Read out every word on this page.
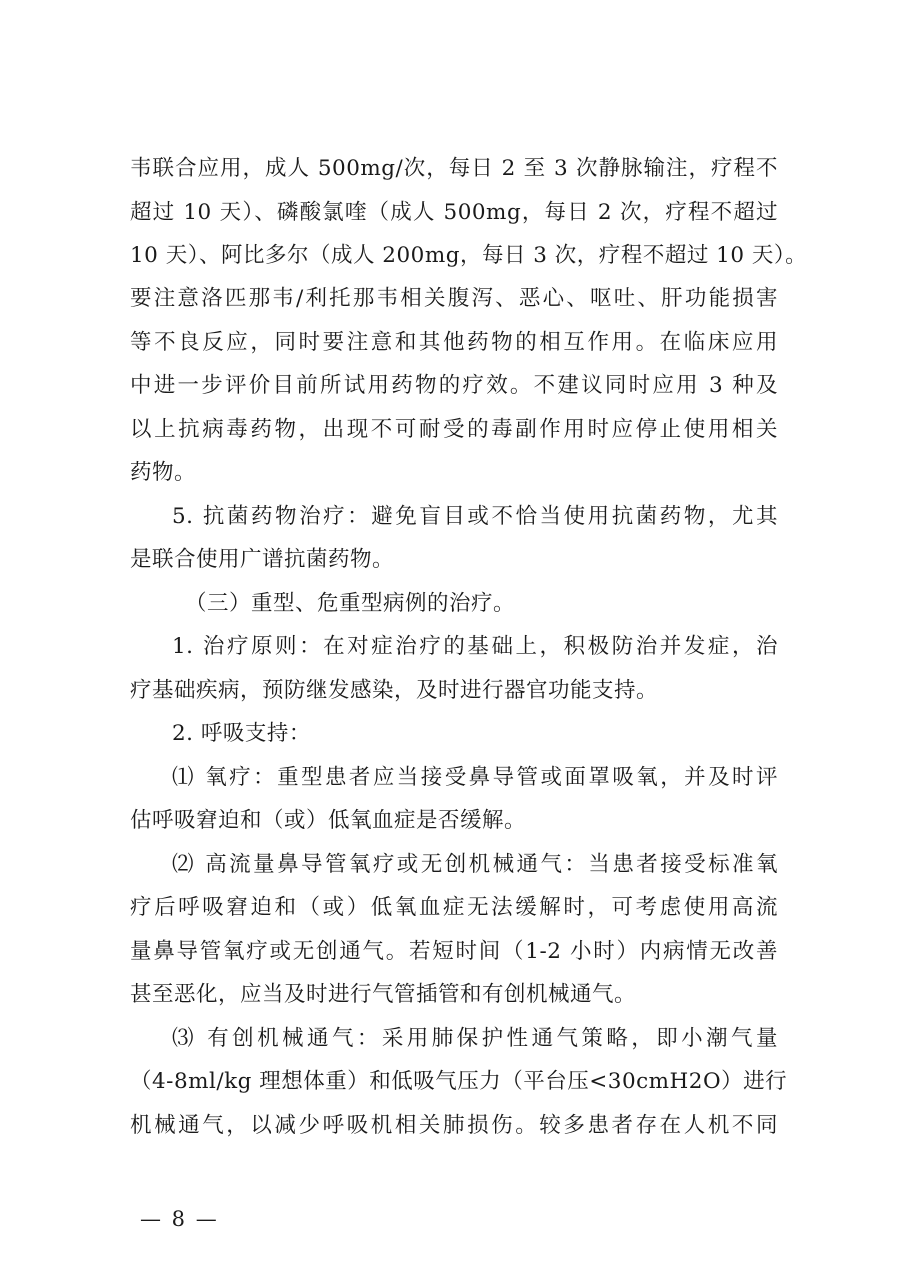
韦联合应用，成人 500mg/次，每日 2 至 3 次静脉输注，疗程不
超过 10 天）、磷酸氯喹（成人 500mg，每日 2 次，疗程不超过
10 天）、阿比多尔（成人 200mg，每日 3 次，疗程不超过 10 天）。
要注意洛匹那韦/利托那韦相关腹泻、恶心、呕吐、肝功能损害
等不良反应，同时要注意和其他药物的相互作用。在临床应用
中进一步评价目前所试用药物的疗效。不建议同时应用 3 种及
以上抗病毒药物，出现不可耐受的毒副作用时应停止使用相关
药物。
5. 抗菌药物治疗：避免盲目或不恰当使用抗菌药物，尤其
是联合使用广谱抗菌药物。
（三）重型、危重型病例的治疗。
1. 治疗原则：在对症治疗的基础上，积极防治并发症，治
疗基础疾病，预防继发感染，及时进行器官功能支持。
2. 呼吸支持：
⑴ 氧疗：重型患者应当接受鼻导管或面罩吸氧，并及时评
估呼吸窘迫和（或）低氧血症是否缓解。
⑵ 高流量鼻导管氧疗或无创机械通气：当患者接受标准氧
疗后呼吸窘迫和（或）低氧血症无法缓解时，可考虑使用高流
量鼻导管氧疗或无创通气。若短时间（1-2 小时）内病情无改善
甚至恶化，应当及时进行气管插管和有创机械通气。
⑶ 有创机械通气：采用肺保护性通气策略，即小潮气量
（4-8ml/kg 理想体重）和低吸气压力（平台压<30cmH2O）进行
机械通气，以减少呼吸机相关肺损伤。较多患者存在人机不同
— 8 —
